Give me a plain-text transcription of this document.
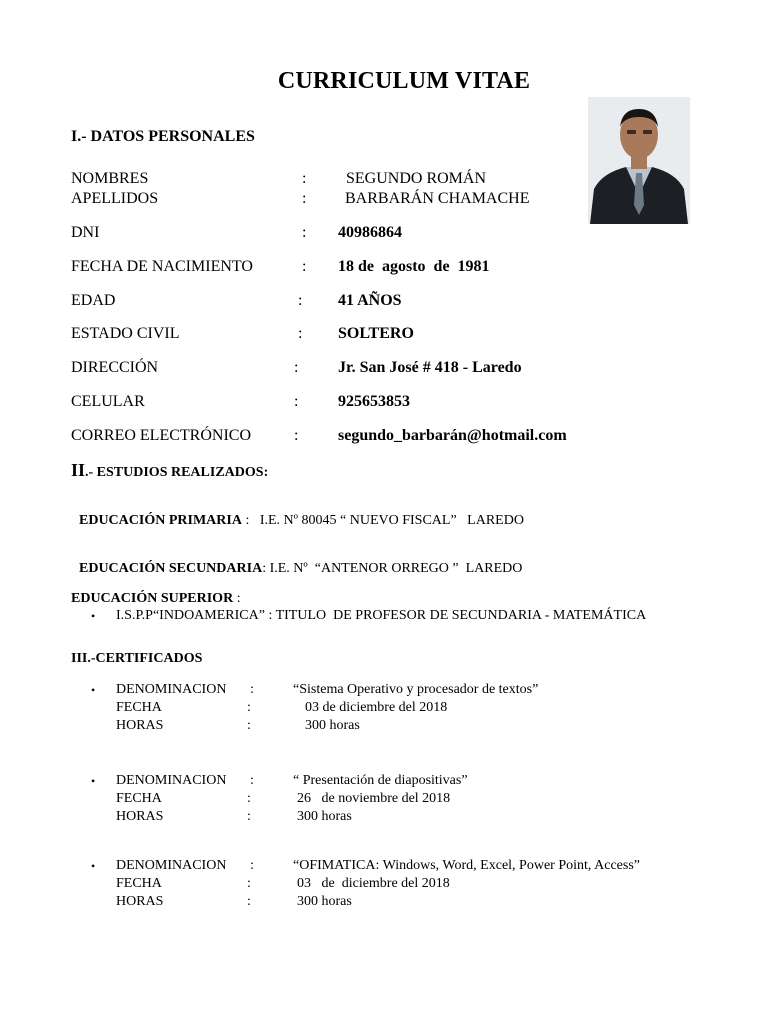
CURRICULUM VITAE
I.- DATOS PERSONALES
NOMBRES	: SEGUNDO ROMÁN
APELLIDOS	: BARBARÁN CHAMACHE
DNI	: 40986864
FECHA DE NACIMIENTO	: 18 de  agosto  de  1981
EDAD	: 41 AÑOS
ESTADO CIVIL	: SOLTERO
DIRECCIÓN	: Jr. San José # 418 - Laredo
CELULAR	: 925653853
CORREO ELECTRÓNICO	: segundo_barbarán@hotmail.com
II.- ESTUDIOS REALIZADOS:

EDUCACIÓN PRIMARIA :   I.E. Nº 80045 “ NUEVO FISCAL”   LAREDO

EDUCACIÓN SECUNDARIA: I.E. Nº  “ANTENOR ORREGO ”  LAREDO

EDUCACIÓN SUPERIOR :
• I.S.P.P“INDOAMERICA” : TITULO  DE PROFESOR DE SECUNDARIA - MATEMÁTICA
III.-CERTIFICADOS
• DENOMINACION :	“Sistema Operativo y procesador de textos”
FECHA	:	03 de diciembre del 2018
HORAS	:	300 horas
• DENOMINACION :	“ Presentación de diapositivas”
FECHA	:	26   de noviembre del 2018
HORAS	:	300 horas
• DENOMINACION :	“OFIMATICA: Windows, Word, Excel, Power Point, Access”
FECHA	:	03   de  diciembre del 2018
HORAS	:	300 horas
